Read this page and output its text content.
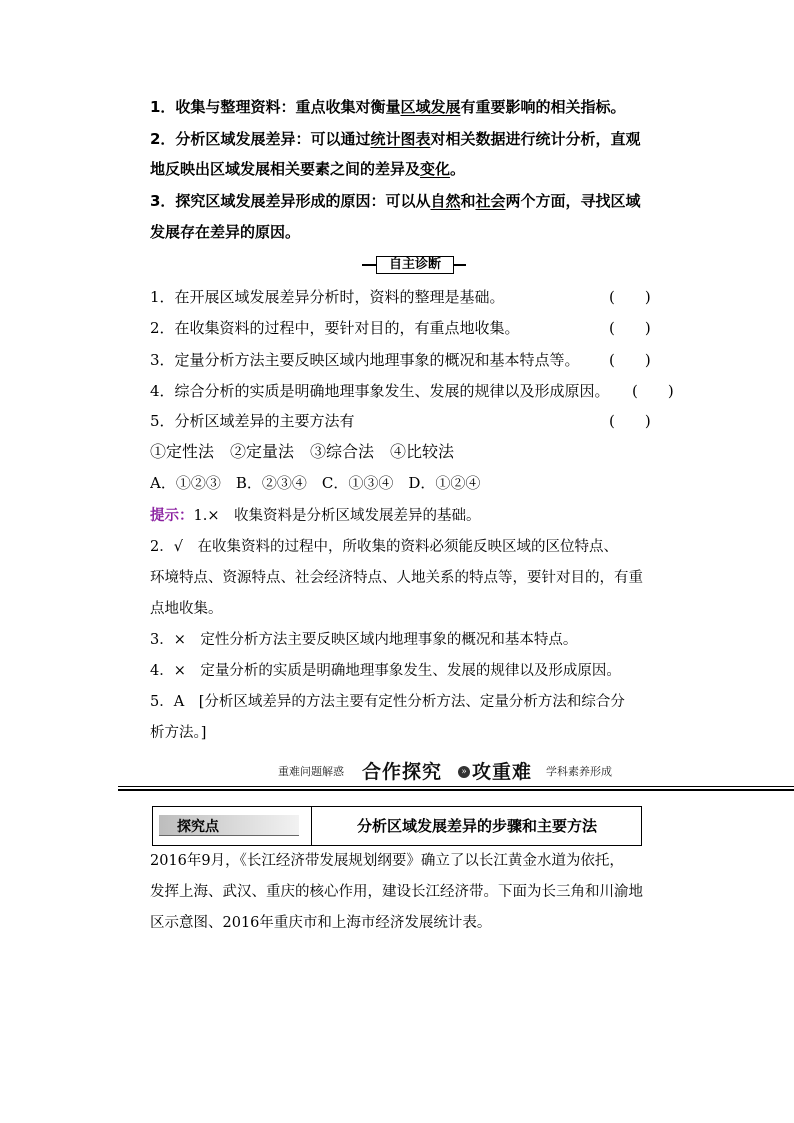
1．收集与整理资料：重点收集对衡量区域发展有重要影响的相关指标。
2．分析区域发展差异：可以通过统计图表对相关数据进行统计分析，直观
地反映出区域发展相关要素之间的差异及变化。
3．探究区域发展差异形成的原因：可以从自然和社会两个方面，寻找区域
发展存在差异的原因。
自主诊断
1．在开展区域发展差异分析时，资料的整理是基础。	(　　)
2．在收集资料的过程中，要针对目的，有重点地收集。	(　　)
3．定量分析方法主要反映区域内地理事象的概况和基本特点等。	(　　)
4．综合分析的实质是明确地理事象发生、发展的规律以及形成原因。	(　　)
5．分析区域差异的主要方法有	(　　)
①定性法　②定量法　③综合法　④比较法
A．①②③　B．②③④　C．①③④　D．①②④
提示：1.×　收集资料是分析区域发展差异的基础。
2．√　在收集资料的过程中，所收集的资料必须能反映区域的区位特点、
环境特点、资源特点、社会经济特点、人地关系的特点等，要针对目的，有重
点地收集。
3．×　定性分析方法主要反映区域内地理事象的概况和基本特点。
4．×　定量分析的实质是明确地理事象发生、发展的规律以及形成原因。
5．A　[分析区域差异的方法主要有定性分析方法、定量分析方法和综合分
析方法。]
重难问题解惑 合作探究	» 攻重难 学科素养形成
探究点	分析区域发展差异的步骤和主要方法
2016年9月，《长江经济带发展规划纲要》确立了以长江黄金水道为依托，
发挥上海、武汉、重庆的核心作用，建设长江经济带。下面为长三角和川渝地
区示意图、2016年重庆市和上海市经济发展统计表。
